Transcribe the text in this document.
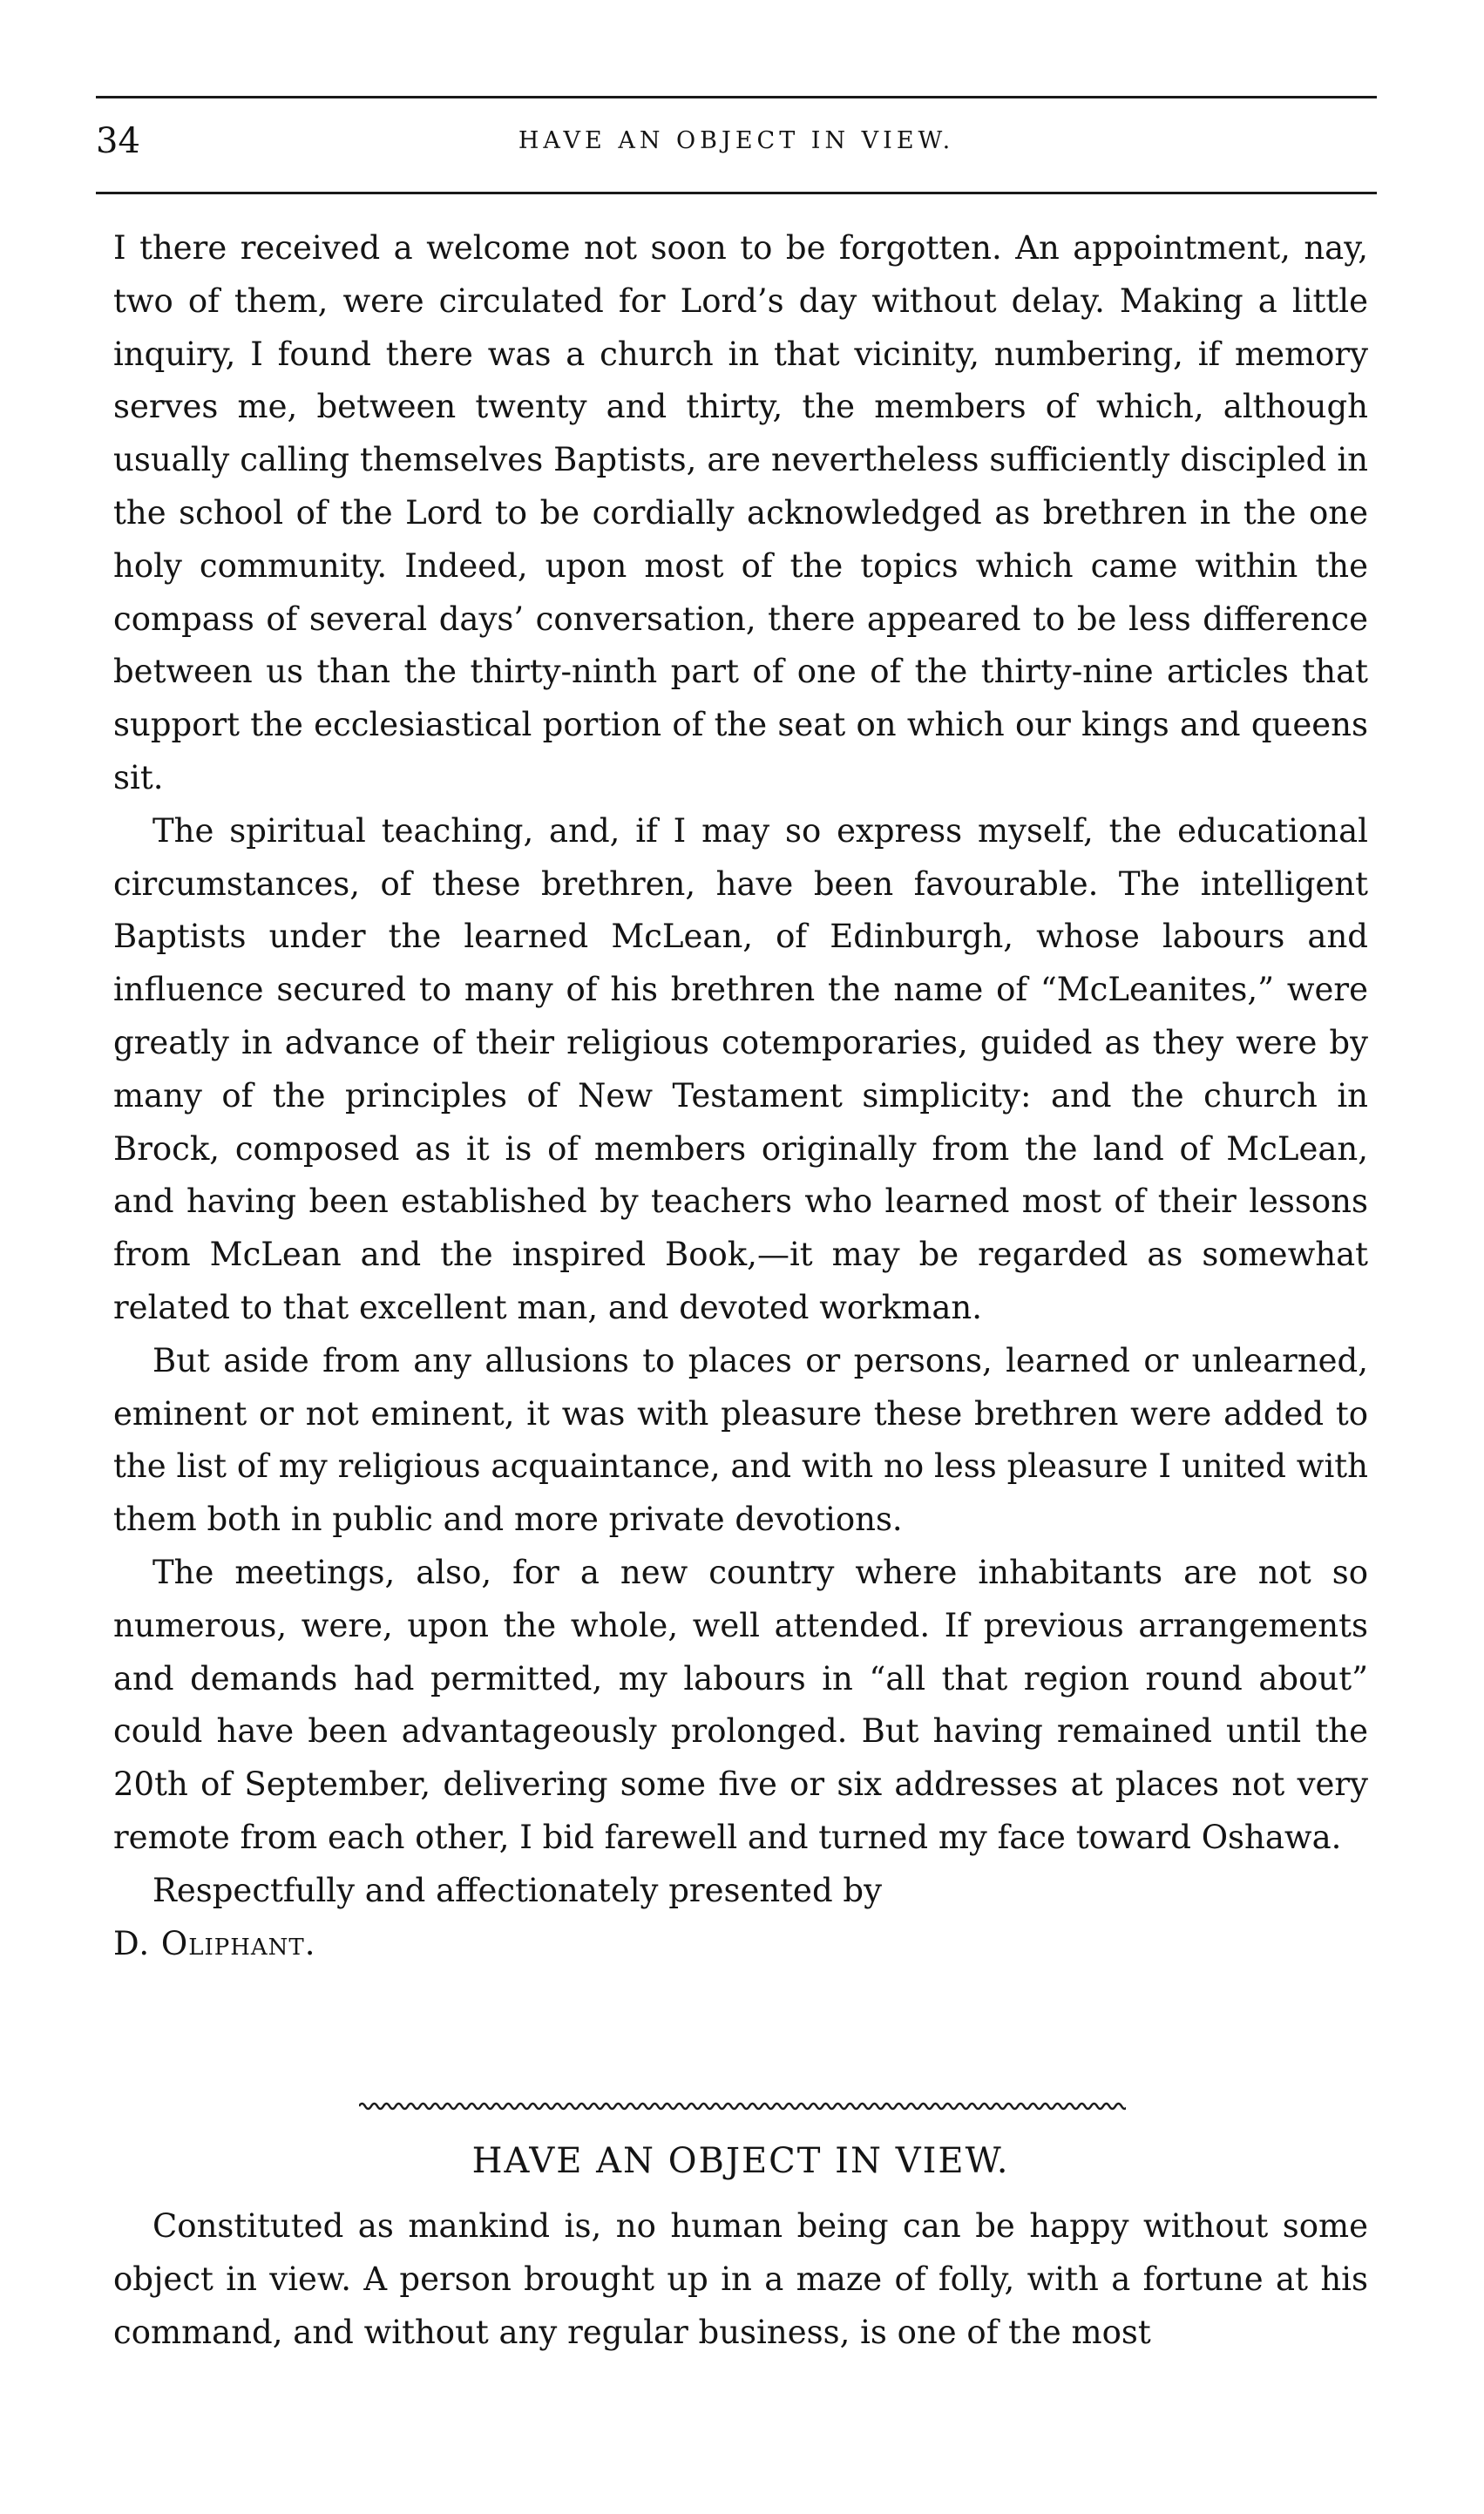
34	HAVE AN OBJECT IN VIEW.

I there received a welcome not soon to be forgotten. An appointment, nay, two of them, were circulated for Lord’s day without delay. Making a little inquiry, I found there was a church in that vicinity, numbering, if memory serves me, between twenty and thirty, the members of which, although usually calling themselves Baptists, are nevertheless sufficiently discipled in the school of the Lord to be cordially acknowledged as brethren in the one holy community. Indeed, upon most of the topics which came within the compass of several days’ conversation, there appeared to be less difference between us than the thirty-ninth part of one of the thirty-nine articles that support the ecclesiastical portion of the seat on which our kings and queens sit.

The spiritual teaching, and, if I may so express myself, the educational circumstances, of these brethren, have been favourable. The intelligent Baptists under the learned McLean, of Edinburgh, whose labours and influence secured to many of his brethren the name of “McLeanites,” were greatly in advance of their religious cotemporaries, guided as they were by many of the principles of New Testament simplicity: and the church in Brock, composed as it is of members originally from the land of McLean, and having been established by teachers who learned most of their lessons from McLean and the inspired Book,—it may be regarded as somewhat related to that excellent man, and devoted workman.

But aside from any allusions to places or persons, learned or unlearned, eminent or not eminent, it was with pleasure these brethren were added to the list of my religious acquaintance, and with no less pleasure I united with them both in public and more private devotions.

The meetings, also, for a new country where inhabitants are not so numerous, were, upon the whole, well attended. If previous arrangements and demands had permitted, my labours in “all that region round about” could have been advantageously prolonged. But having remained until the 20th of September, delivering some five or six addresses at places not very remote from each other, I bid farewell and turned my face toward Oshawa.

Respectfully and affectionately presented by

D. Oliphant.

HAVE AN OBJECT IN VIEW.

Constituted as mankind is, no human being can be happy without some object in view. A person brought up in a maze of folly, with a fortune at his command, and without any regular business, is one of the most
